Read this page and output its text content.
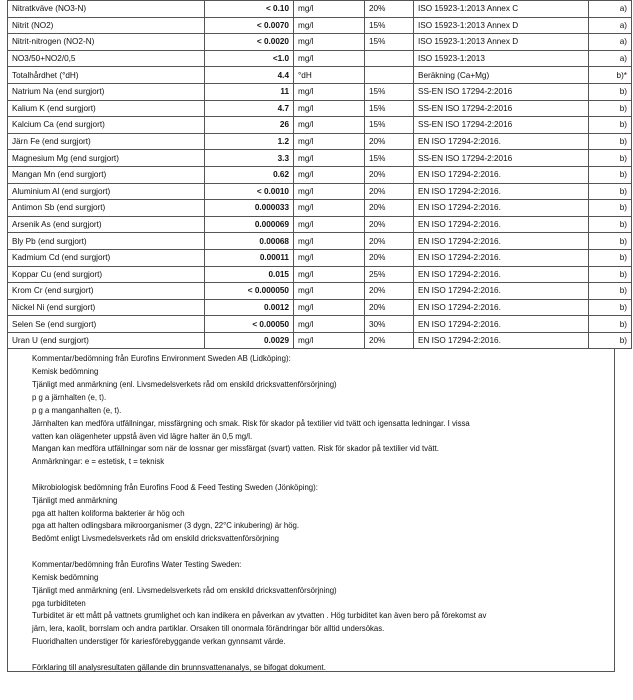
Nitratkväve (NO3-N)	< 0.10	mg/l	20%	ISO 15923-1:2013 Annex C	a)
Nitrit (NO2)	< 0.0070	mg/l	15%	ISO 15923-1:2013 Annex D	a)
Nitrit-nitrogen (NO2-N)	< 0.0020	mg/l	15%	ISO 15923-1:2013 Annex D	a)
NO3/50+NO2/0,5	<1.0	mg/l		ISO 15923-1:2013	a)
Totalhårdhet (°dH)	4.4	°dH		Beräkning (Ca+Mg)	b)*
Natrium Na (end surgjort)	11	mg/l	15%	SS-EN ISO 17294-2:2016	b)
Kalium K (end surgjort)	4.7	mg/l	15%	SS-EN ISO 17294-2:2016	b)
Kalcium Ca (end surgjort)	26	mg/l	15%	SS-EN ISO 17294-2:2016	b)
Järn Fe (end surgjort)	1.2	mg/l	20%	EN ISO 17294-2:2016.	b)
Magnesium Mg (end surgjort)	3.3	mg/l	15%	SS-EN ISO 17294-2:2016	b)
Mangan Mn (end surgjort)	0.62	mg/l	20%	EN ISO 17294-2:2016.	b)
Aluminium Al (end surgjort)	< 0.0010	mg/l	20%	EN ISO 17294-2:2016.	b)
Antimon Sb (end surgjort)	0.000033	mg/l	20%	EN ISO 17294-2:2016.	b)
Arsenik As (end surgjort)	0.000069	mg/l	20%	EN ISO 17294-2:2016.	b)
Bly Pb (end surgjort)	0.00068	mg/l	20%	EN ISO 17294-2:2016.	b)
Kadmium Cd (end surgjort)	0.00011	mg/l	20%	EN ISO 17294-2:2016.	b)
Koppar Cu (end surgjort)	0.015	mg/l	25%	EN ISO 17294-2:2016.	b)
Krom Cr (end surgjort)	< 0.000050	mg/l	20%	EN ISO 17294-2:2016.	b)
Nickel Ni (end surgjort)	0.0012	mg/l	20%	EN ISO 17294-2:2016.	b)
Selen Se (end surgjort)	< 0.00050	mg/l	30%	EN ISO 17294-2:2016.	b)
Uran U (end surgjort)	0.0029	mg/l	20%	EN ISO 17294-2:2016.	b)

Kommentar/bedömning från Eurofins Environment Sweden AB (Lidköping):

Kemisk bedömning

Tjänligt med anmärkning (enl. Livsmedelsverkets råd om enskild dricksvattenförsörjning)

p g a järnhalten (e, t).

p g a manganhalten (e, t).

Järnhalten kan medföra utfällningar, missfärgning och smak. Risk för skador på textilier vid tvätt och igensatta ledningar. I vissa

vatten kan olägenheter uppstå även vid lägre halter än 0,5 mg/l.

Mangan kan medföra utfällningar som när de lossnar ger missfärgat (svart) vatten. Risk för skador på textilier vid tvätt.

Anmärkningar: e = estetisk, t = teknisk

Mikrobiologisk bedömning från Eurofins Food & Feed Testing Sweden (Jönköping):

Tjänligt med anmärkning

pga att halten koliforma bakterier är hög och

pga att halten odlingsbara mikroorganismer (3 dygn, 22°C inkubering) är hög.

Bedömt enligt Livsmedelsverkets råd om enskild dricksvattenförsörjning

Kommentar/bedömning från Eurofins Water Testing Sweden:

Kemisk bedömning

Tjänligt med anmärkning (enl. Livsmedelsverkets råd om enskild dricksvattenförsörjning)

pga turbiditeten

Turbiditet är ett mått på vattnets grumlighet och kan indikera en påverkan av ytvatten . Hög turbiditet kan även bero på förekomst av

järn, lera, kaolit, borrslam och andra partiklar. Orsaken till onormala förändringar bör alltid undersökas.

Fluoridhalten understiger för kariesförebyggande verkan gynnsamt värde.

Förklaring till analysresultaten gällande din brunnsvattenanalys, se bifogat dokument.
